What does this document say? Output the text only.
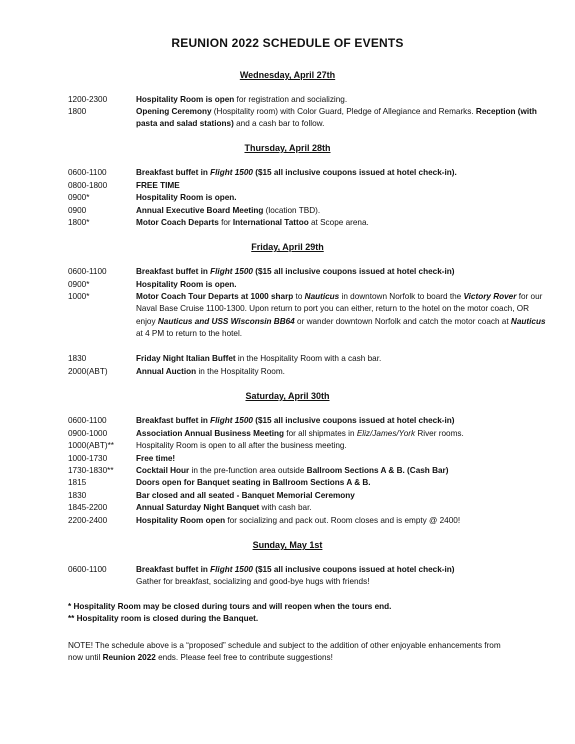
REUNION 2022 SCHEDULE OF EVENTS
Wednesday, April 27th
1200-2300	Hospitality Room is open for registration and socializing.
1800	Opening Ceremony (Hospitality room) with Color Guard, Pledge of Allegiance and Remarks. Reception (with pasta and salad stations) and a cash bar to follow.
Thursday, April 28th
0600-1100	Breakfast buffet in Flight 1500 ($15 all inclusive coupons issued at hotel check-in).
0800-1800	FREE TIME
0900*	Hospitality Room is open.
0900	Annual Executive Board Meeting (location TBD).
1800*	Motor Coach Departs for International Tattoo at Scope arena.
Friday, April 29th
0600-1100	Breakfast buffet in Flight 1500 ($15 all inclusive coupons issued at hotel check-in)
0900*	Hospitality Room is open.
1000*	Motor Coach Tour Departs at 1000 sharp to Nauticus in downtown Norfolk to board the Victory Rover for our Naval Base Cruise 1100-1300. Upon return to port you can either, return to the hotel on the motor coach, OR enjoy Nauticus and USS Wisconsin BB64 or wander downtown Norfolk and catch the motor coach at Nauticus at 4 PM to return to the hotel.
1830	Friday Night Italian Buffet in the Hospitality Room with a cash bar.
2000(ABT)	Annual Auction in the Hospitality Room.
Saturday, April 30th
0600-1100	Breakfast buffet in Flight 1500 ($15 all inclusive coupons issued at hotel check-in)
0900-1000	Association Annual Business Meeting for all shipmates in Eliz/James/York River rooms.
1000(ABT)**	Hospitality Room is open to all after the business meeting.
1000-1730	Free time!
1730-1830**	Cocktail Hour in the pre-function area outside Ballroom Sections A & B. (Cash Bar)
1815	Doors open for Banquet seating in Ballroom Sections A & B.
1830	Bar closed and all seated - Banquet Memorial Ceremony
1845-2200	Annual Saturday Night Banquet with cash bar.
2200-2400	Hospitality Room open for socializing and pack out. Room closes and is empty @ 2400!
Sunday, May 1st
0600-1100	Breakfast buffet in Flight 1500 ($15 all inclusive coupons issued at hotel check-in)
Gather for breakfast, socializing and good-bye hugs with friends!
* Hospitality Room may be closed during tours and will reopen when the tours end.
** Hospitality room is closed during the Banquet.
NOTE! The schedule above is a “proposed” schedule and subject to the addition of other enjoyable enhancements from now until Reunion 2022 ends. Please feel free to contribute suggestions!
